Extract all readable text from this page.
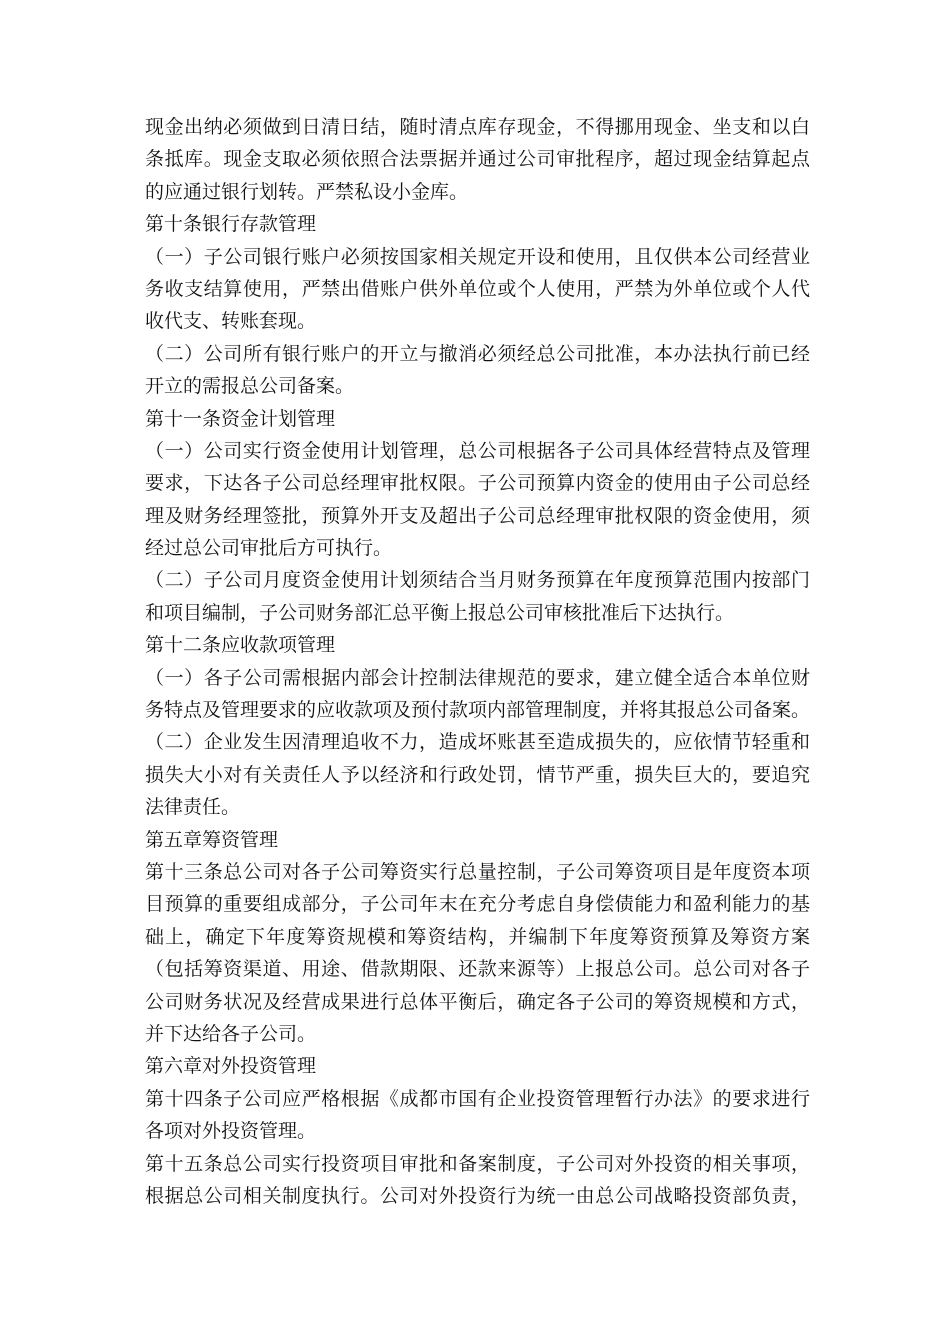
现金出纳必须做到日清日结，随时清点库存现金，不得挪用现金、坐支和以白
条抵库。现金支取必须依照合法票据并通过公司审批程序，超过现金结算起点
的应通过银行划转。严禁私设小金库。
第十条银行存款管理
（一）子公司银行账户必须按国家相关规定开设和使用，且仅供本公司经营业
务收支结算使用，严禁出借账户供外单位或个人使用，严禁为外单位或个人代
收代支、转账套现。
（二）公司所有银行账户的开立与撤消必须经总公司批准，本办法执行前已经
开立的需报总公司备案。
第十一条资金计划管理
（一）公司实行资金使用计划管理，总公司根据各子公司具体经营特点及管理
要求，下达各子公司总经理审批权限。子公司预算内资金的使用由子公司总经
理及财务经理签批，预算外开支及超出子公司总经理审批权限的资金使用，须
经过总公司审批后方可执行。
（二）子公司月度资金使用计划须结合当月财务预算在年度预算范围内按部门
和项目编制，子公司财务部汇总平衡上报总公司审核批准后下达执行。
第十二条应收款项管理
（一）各子公司需根据内部会计控制法律规范的要求，建立健全适合本单位财
务特点及管理要求的应收款项及预付款项内部管理制度，并将其报总公司备案。
（二）企业发生因清理追收不力，造成坏账甚至造成损失的，应依情节轻重和
损失大小对有关责任人予以经济和行政处罚，情节严重，损失巨大的，要追究
法律责任。
第五章筹资管理
第十三条总公司对各子公司筹资实行总量控制，子公司筹资项目是年度资本项
目预算的重要组成部分，子公司年末在充分考虑自身偿债能力和盈利能力的基
础上，确定下年度筹资规模和筹资结构，并编制下年度筹资预算及筹资方案
（包括筹资渠道、用途、借款期限、还款来源等）上报总公司。总公司对各子
公司财务状况及经营成果进行总体平衡后，确定各子公司的筹资规模和方式，
并下达给各子公司。
第六章对外投资管理
第十四条子公司应严格根据《成都市国有企业投资管理暂行办法》的要求进行
各项对外投资管理。
第十五条总公司实行投资项目审批和备案制度，子公司对外投资的相关事项，
根据总公司相关制度执行。公司对外投资行为统一由总公司战略投资部负责，
